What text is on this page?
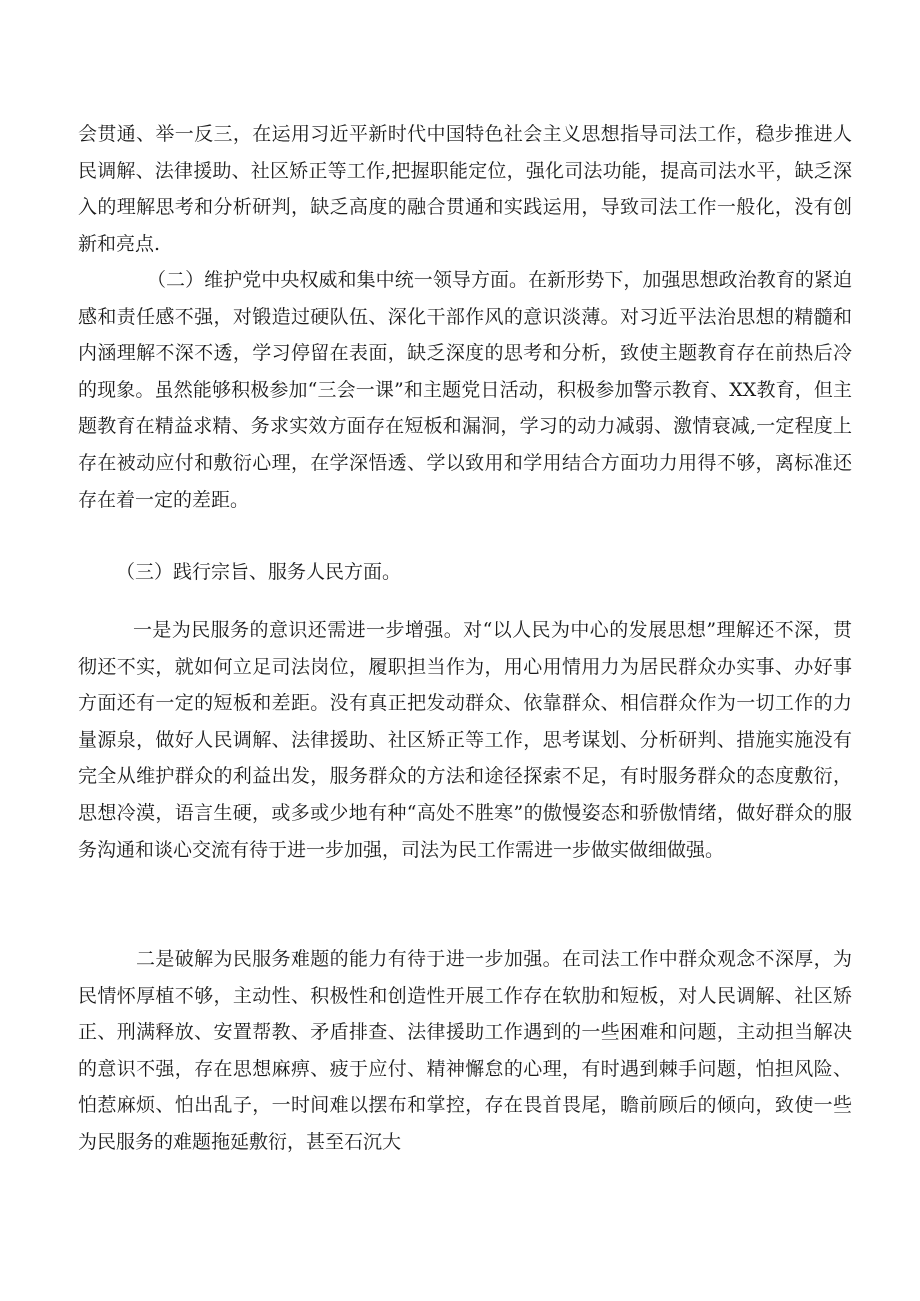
会贯通、举一反三，在运用习近平新时代中国特色社会主义思想指导司法工作，稳步推进人民调解、法律援助、社区矫正等工作,把握职能定位，强化司法功能，提高司法水平，缺乏深入的理解思考和分析研判，缺乏高度的融合贯通和实践运用，导致司法工作一般化，没有创新和亮点.

（二）维护党中央权威和集中统一领导方面。在新形势下，加强思想政治教育的紧迫感和责任感不强，对锻造过硬队伍、深化干部作风的意识淡薄。对习近平法治思想的精髓和内涵理解不深不透，学习停留在表面，缺乏深度的思考和分析，致使主题教育存在前热后冷的现象。虽然能够积极参加“三会一课”和主题党日活动，积极参加警示教育、XX教育，但主题教育在精益求精、务求实效方面存在短板和漏洞，学习的动力减弱、激情衰减,一定程度上存在被动应付和敷衍心理，在学深悟透、学以致用和学用结合方面功力用得不够，离标准还存在着一定的差距。

（三）践行宗旨、服务人民方面。

一是为民服务的意识还需进一步增强。对“以人民为中心的发展思想”理解还不深，贯彻还不实，就如何立足司法岗位，履职担当作为，用心用情用力为居民群众办实事、办好事方面还有一定的短板和差距。没有真正把发动群众、依靠群众、相信群众作为一切工作的力量源泉，做好人民调解、法律援助、社区矫正等工作，思考谋划、分析研判、措施实施没有完全从维护群众的利益出发，服务群众的方法和途径探索不足，有时服务群众的态度敷衍，思想冷漠，语言生硬，或多或少地有种“高处不胜寒”的傲慢姿态和骄傲情绪，做好群众的服务沟通和谈心交流有待于进一步加强，司法为民工作需进一步做实做细做强。

二是破解为民服务难题的能力有待于进一步加强。在司法工作中群众观念不深厚，为民情怀厚植不够，主动性、积极性和创造性开展工作存在软肋和短板，对人民调解、社区矫正、刑满释放、安置帮教、矛盾排查、法律援助工作遇到的一些困难和问题，主动担当解决的意识不强，存在思想麻痹、疲于应付、精神懈怠的心理，有时遇到棘手问题，怕担风险、怕惹麻烦、怕出乱子，一时间难以摆布和掌控，存在畏首畏尾，瞻前顾后的倾向，致使一些为民服务的难题拖延敷衍，甚至石沉大
